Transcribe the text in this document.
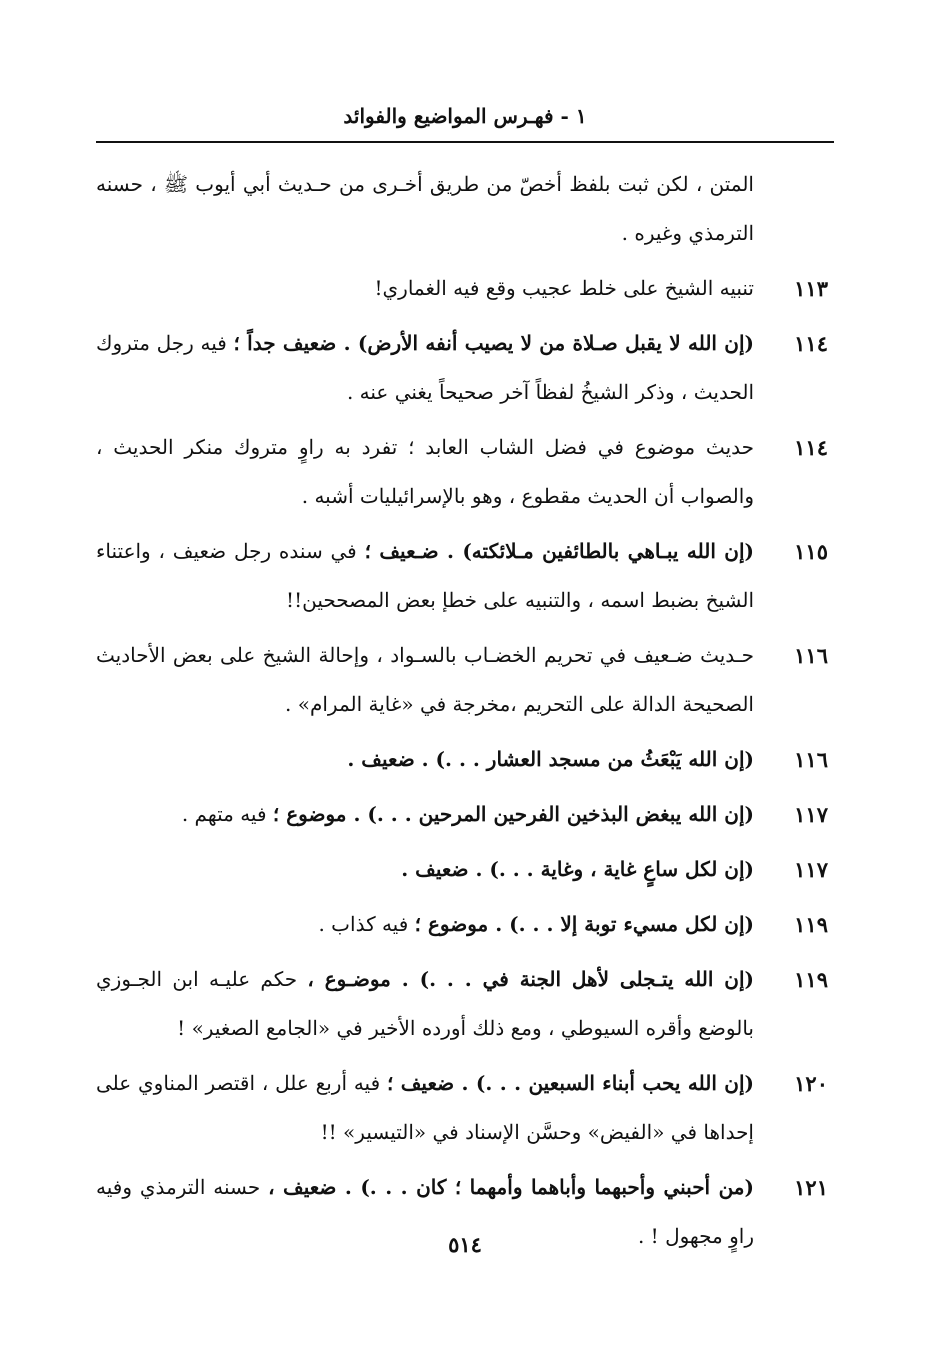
١ - فهـرس المواضيع والفوائد
المتن ، لكن ثبت بلفظ أخصّ من طريق أخـرى من حـديث أبي أيوب ﷺ ، حسنه الترمذي وغيره .
١١٣
تنبيه الشيخ على خلط عجيب وقع فيه الغماري!
١١٤
(إن الله لا يقبل صـلاة من لا يصيب أنفه الأرض) . ضعيف جداً ؛ فيه رجل متروك الحديث ، وذكر الشيخُ لفظاً آخر صحيحاً يغني عنه .
١١٤
حديث موضوع في فضل الشاب العابد ؛ تفرد به راوٍ متروك منكر الحديث ، والصواب أن الحديث مقطوع ، وهو بالإسرائيليات أشبه .
١١٥
(إن الله يبـاهي بالطائفين مـلائكته) . ضـعيف ؛ في سنده رجل ضعيف ، واعتناء الشيخ بضبط اسمه ، والتنبيه على خطإ بعض المصححين!!
١١٦
حـديث ضـعيف في تحريم الخضـاب بالسـواد ، وإحالة الشيخ على بعض الأحاديث الصحيحة الدالة على التحريم ،مخرجة في «غاية المرام» .
١١٦
(إن الله يَبْعَثُ من مسجد العشار . . .) . ضعيف .
١١٧
(إن الله يبغض البذخين الفرحين المرحين . . .) . موضوع ؛ فيه متهم .
١١٧
(إن لكل ساعٍ غاية ، وغاية . . .) . ضعيف .
١١٩
(إن لكل مسيء توبة إلا . . .) . موضوع ؛ فيه كذاب .
١١٩
(إن الله يتـجلى لأهل الجنة في . . .) . موضـوع ، حكم عليـه ابن الجـوزي بالوضع وأقره السيوطي ، ومع ذلك أورده الأخير في «الجامع الصغير» !
١٢٠
(إن الله يحب أبناء السبعين . . .) . ضعيف ؛ فيه أربع علل ، اقتصر المناوي على إحداها في «الفيض» وحسَّن الإسناد في «التيسير» !!
١٢١
(من أحبني وأحبهما وأباهما وأمهما ؛ كان . . .) . ضعيف ، حسنه الترمذي وفيه راوٍ مجهول ! .
٥١٤
